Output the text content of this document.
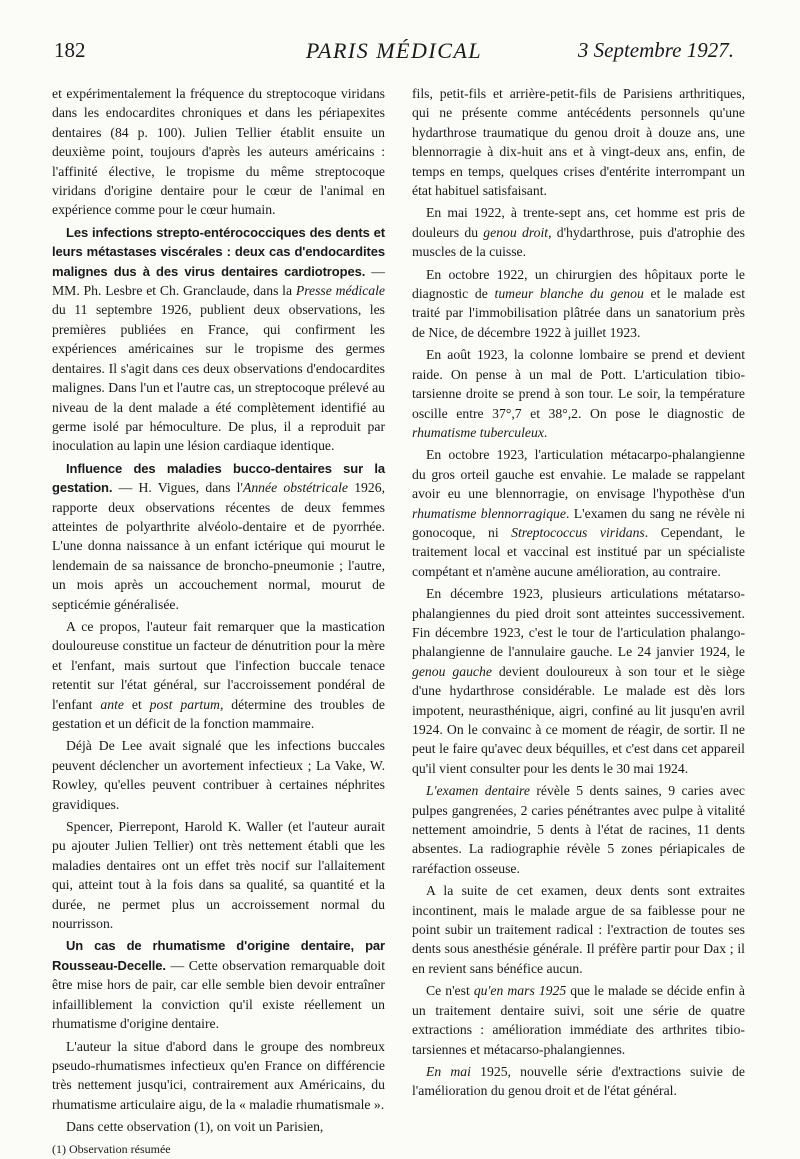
182	PARIS MÉDICAL	3 Septembre 1927.

et expérimentalement la fréquence du streptocoque viridans dans les endocardites chroniques et dans les périapexites dentaires (84 p. 100). Julien Tellier établit ensuite un deuxième point, toujours d'après les auteurs américains : l'affinité élective, le tropisme du même streptocoque viridans d'origine dentaire pour le cœur de l'animal en expérience comme pour le cœur humain.

Les infections strepto-entérococciques des dents et leurs métastases viscérales : deux cas d'endocardites malignes dus à des virus dentaires cardiotropes. — MM. Ph. Lesbre et Ch. Granclaude, dans la Presse médicale du 11 septembre 1926, publient deux observations, les premières publiées en France, qui confirment les expériences américaines sur le tropisme des germes dentaires. Il s'agit dans ces deux observations d'endocardites malignes. Dans l'un et l'autre cas, un streptocoque prélevé au niveau de la dent malade a été complètement identifié au germe isolé par hémoculture. De plus, il a reproduit par inoculation au lapin une lésion cardiaque identique.

Influence des maladies bucco-dentaires sur la gestation. — H. Vigues, dans l'Année obstétricale 1926, rapporte deux observations récentes de deux femmes atteintes de polyarthrite alvéolo-dentaire et de pyorrhée. L'une donna naissance à un enfant ictérique qui mourut le lendemain de sa naissance de broncho-pneumonie ; l'autre, un mois après un accouchement normal, mourut de septicémie généralisée.

A ce propos, l'auteur fait remarquer que la mastication douloureuse constitue un facteur de dénutrition pour la mère et l'enfant, mais surtout que l'infection buccale tenace retentit sur l'état général, sur l'accroissement pondéral de l'enfant ante et post partum, détermine des troubles de gestation et un déficit de la fonction mammaire.

Déjà De Lee avait signalé que les infections buccales peuvent déclencher un avortement infectieux ; La Vake, W. Rowley, qu'elles peuvent contribuer à certaines néphrites gravidiques.

Spencer, Pierrepont, Harold K. Waller (et l'auteur aurait pu ajouter Julien Tellier) ont très nettement établi que les maladies dentaires ont un effet très nocif sur l'allaitement qui, atteint tout à la fois dans sa qualité, sa quantité et la durée, ne permet plus un accroissement normal du nourrisson.

Un cas de rhumatisme d'origine dentaire, par Rousseau-Decelle. — Cette observation remarquable doit être mise hors de pair, car elle semble bien devoir entraîner infailliblement la conviction qu'il existe réellement un rhumatisme d'origine dentaire.

L'auteur la situe d'abord dans le groupe des nombreux pseudo-rhumatismes infectieux qu'en France on différencie très nettement jusqu'ici, contrairement aux Américains, du rhumatisme articulaire aigu, de la « maladie rhumatismale ».

Dans cette observation (1), on voit un Parisien,

(1) Observation résumée

fils, petit-fils et arrière-petit-fils de Parisiens arthritiques, qui ne présente comme antécédents personnels qu'une hydarthrose traumatique du genou droit à douze ans, une blennorragie à dix-huit ans et à vingt-deux ans, enfin, de temps en temps, quelques crises d'entérite interrompant un état habituel satisfaisant.

En mai 1922, à trente-sept ans, cet homme est pris de douleurs du genou droit, d'hydarthrose, puis d'atrophie des muscles de la cuisse.

En octobre 1922, un chirurgien des hôpitaux porte le diagnostic de tumeur blanche du genou et le malade est traité par l'immobilisation plâtrée dans un sanatorium près de Nice, de décembre 1922 à juillet 1923.

En août 1923, la colonne lombaire se prend et devient raide. On pense à un mal de Pott. L'articulation tibio-tarsienne droite se prend à son tour. Le soir, la température oscille entre 37°,7 et 38°,2. On pose le diagnostic de rhumatisme tuberculeux.

En octobre 1923, l'articulation métacarpo-phalangienne du gros orteil gauche est envahie. Le malade se rappelant avoir eu une blennorragie, on envisage l'hypothèse d'un rhumatisme blennorragique. L'examen du sang ne révèle ni gonocoque, ni Streptococcus viridans. Cependant, le traitement local et vaccinal est institué par un spécialiste compétant et n'amène aucune amélioration, au contraire.

En décembre 1923, plusieurs articulations métatarso-phalangiennes du pied droit sont atteintes successivement. Fin décembre 1923, c'est le tour de l'articulation phalango-phalangienne de l'annulaire gauche. Le 24 janvier 1924, le genou gauche devient douloureux à son tour et le siège d'une hydarthrose considérable. Le malade est dès lors impotent, neurasthénique, aigri, confiné au lit jusqu'en avril 1924. On le convainc à ce moment de réagir, de sortir. Il ne peut le faire qu'avec deux béquilles, et c'est dans cet appareil qu'il vient consulter pour les dents le 30 mai 1924.

L'examen dentaire révèle 5 dents saines, 9 caries avec pulpes gangrenées, 2 caries pénétrantes avec pulpe à vitalité nettement amoindrie, 5 dents à l'état de racines, 11 dents absentes. La radiographie révèle 5 zones périapicales de raréfaction osseuse.

A la suite de cet examen, deux dents sont extraites incontinent, mais le malade argue de sa faiblesse pour ne point subir un traitement radical : l'extraction de toutes ses dents sous anesthésie générale. Il préfère partir pour Dax ; il en revient sans bénéfice aucun.

Ce n'est qu'en mars 1925 que le malade se décide enfin à un traitement dentaire suivi, soit une série de quatre extractions : amélioration immédiate des arthrites tibio-tarsiennes et métacarso-phalangiennes.

En mai 1925, nouvelle série d'extractions suivie de l'amélioration du genou droit et de l'état général.
